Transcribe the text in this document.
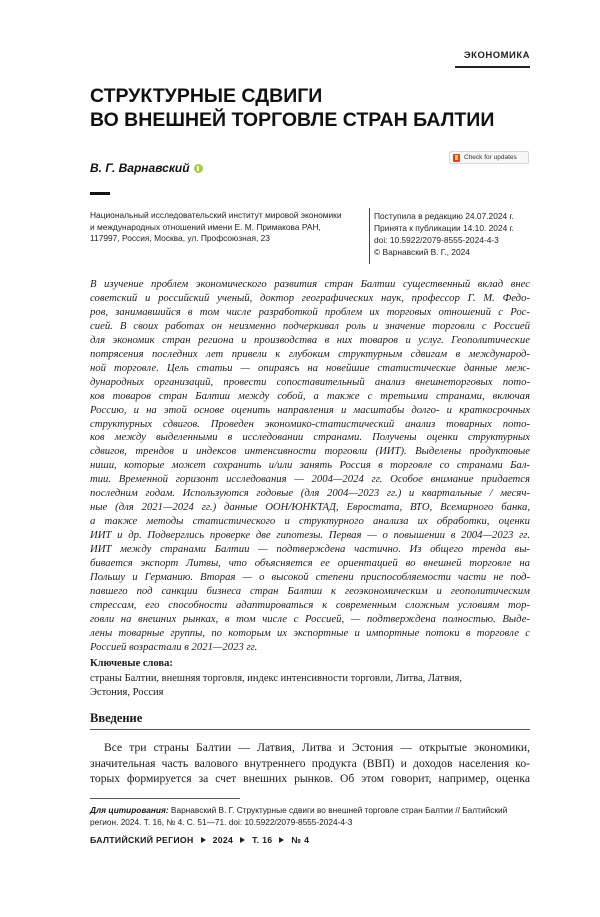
ЭКОНОМИКА
СТРУКТУРНЫЕ СДВИГИ
ВО ВНЕШНЕЙ ТОРГОВЛЕ СТРАН БАЛТИИ
В. Г. Варнавский
Check for updates
Национальный исследовательский институт мировой экономики
и международных отношений имени Е. М. Примакова РАН,
117997, Россия, Москва, ул. Профсоюзная, 23
Поступила в редакцию 24.07.2024 г.
Принята к публикации 14.10. 2024 г.
doi: 10.5922/2079-8555-2024-4-3
© Варнавский В. Г., 2024
В изучение проблем экономического развития стран Балтии существенный вклад внес
советский и российский ученый, доктор географических наук, профессор Г. М. Федо-
ров, занимавшийся в том числе разработкой проблем их торговых отношений с Рос-
сией. В своих работах он неизменно подчеркивал роль и значение торговли с Россией
для экономик стран региона и производства в них товаров и услуг. Геополитические
потрясения последних лет привели к глубоким структурным сдвигам в международ-
ной торговле. Цель статьи — опираясь на новейшие статистические данные меж-
дународных организаций, провести сопоставительный анализ внешнеторговых пото-
ков товаров стран Балтии между собой, а также с третьими странами, включая
Россию, и на этой основе оценить направления и масштабы долго- и краткосрочных
структурных сдвигов. Проведен экономико-статистический анализ товарных пото-
ков между выделенными в исследовании странами. Получены оценки структурных
сдвигов, трендов и индексов интенсивности торговли (ИИТ). Выделены продуктовые
ниши, которые может сохранить и/или занять Россия в торговле со странами Бал-
тии. Временной горизонт исследования — 2004—2024 гг. Особое внимание придается
последним годам. Используются годовые (для 2004—2023 гг.) и квартальные / месяч-
ные (для 2021—2024 гг.) данные ООН/ЮНКТАД, Евростата, ВТО, Всемирного банка,
а также методы статистического и структурного анализа их обработки, оценки
ИИТ и др. Подверглись проверке две гипотезы. Первая — о повышении в 2004—2023 гг.
ИИТ между странами Балтии — подтверждена частично. Из общего тренда вы-
бивается экспорт Литвы, что объясняется ее ориентацией во внешней торговле на
Польшу и Германию. Вторая — о высокой степени приспособляемости части не под-
павшего под санкции бизнеса стран Балтии к геоэкономическим и геополитическим
стрессам, его способности адаптироваться к современным сложным условиям тор-
говли на внешних рынках, в том числе с Россией, — подтверждена полностью. Выде-
лены товарные группы, по которым их экспортные и импортные потоки в торговле с
Россией возрастали в 2021—2023 гг.
Ключевые слова:
страны Балтии, внешняя торговля, индекс интенсивности торговли, Литва, Латвия,
Эстония, Россия
Введение
Все три страны Балтии — Латвия, Литва и Эстония — открытые экономики,
значительная часть валового внутреннего продукта (ВВП) и доходов населения ко-
торых формируется за счет внешних рынков. Об этом говорит, например, оценка
Для цитирования: Варнавский В. Г. Структурные сдвиги во внешней торговле стран Балтии // Балтийский
регион. 2024. Т. 16, № 4. С. 51—71. doi: 10.5922/2079-8555-2024-4-3
БАЛТИЙСКИЙ РЕГИОН 2024 Т. 16 № 4
